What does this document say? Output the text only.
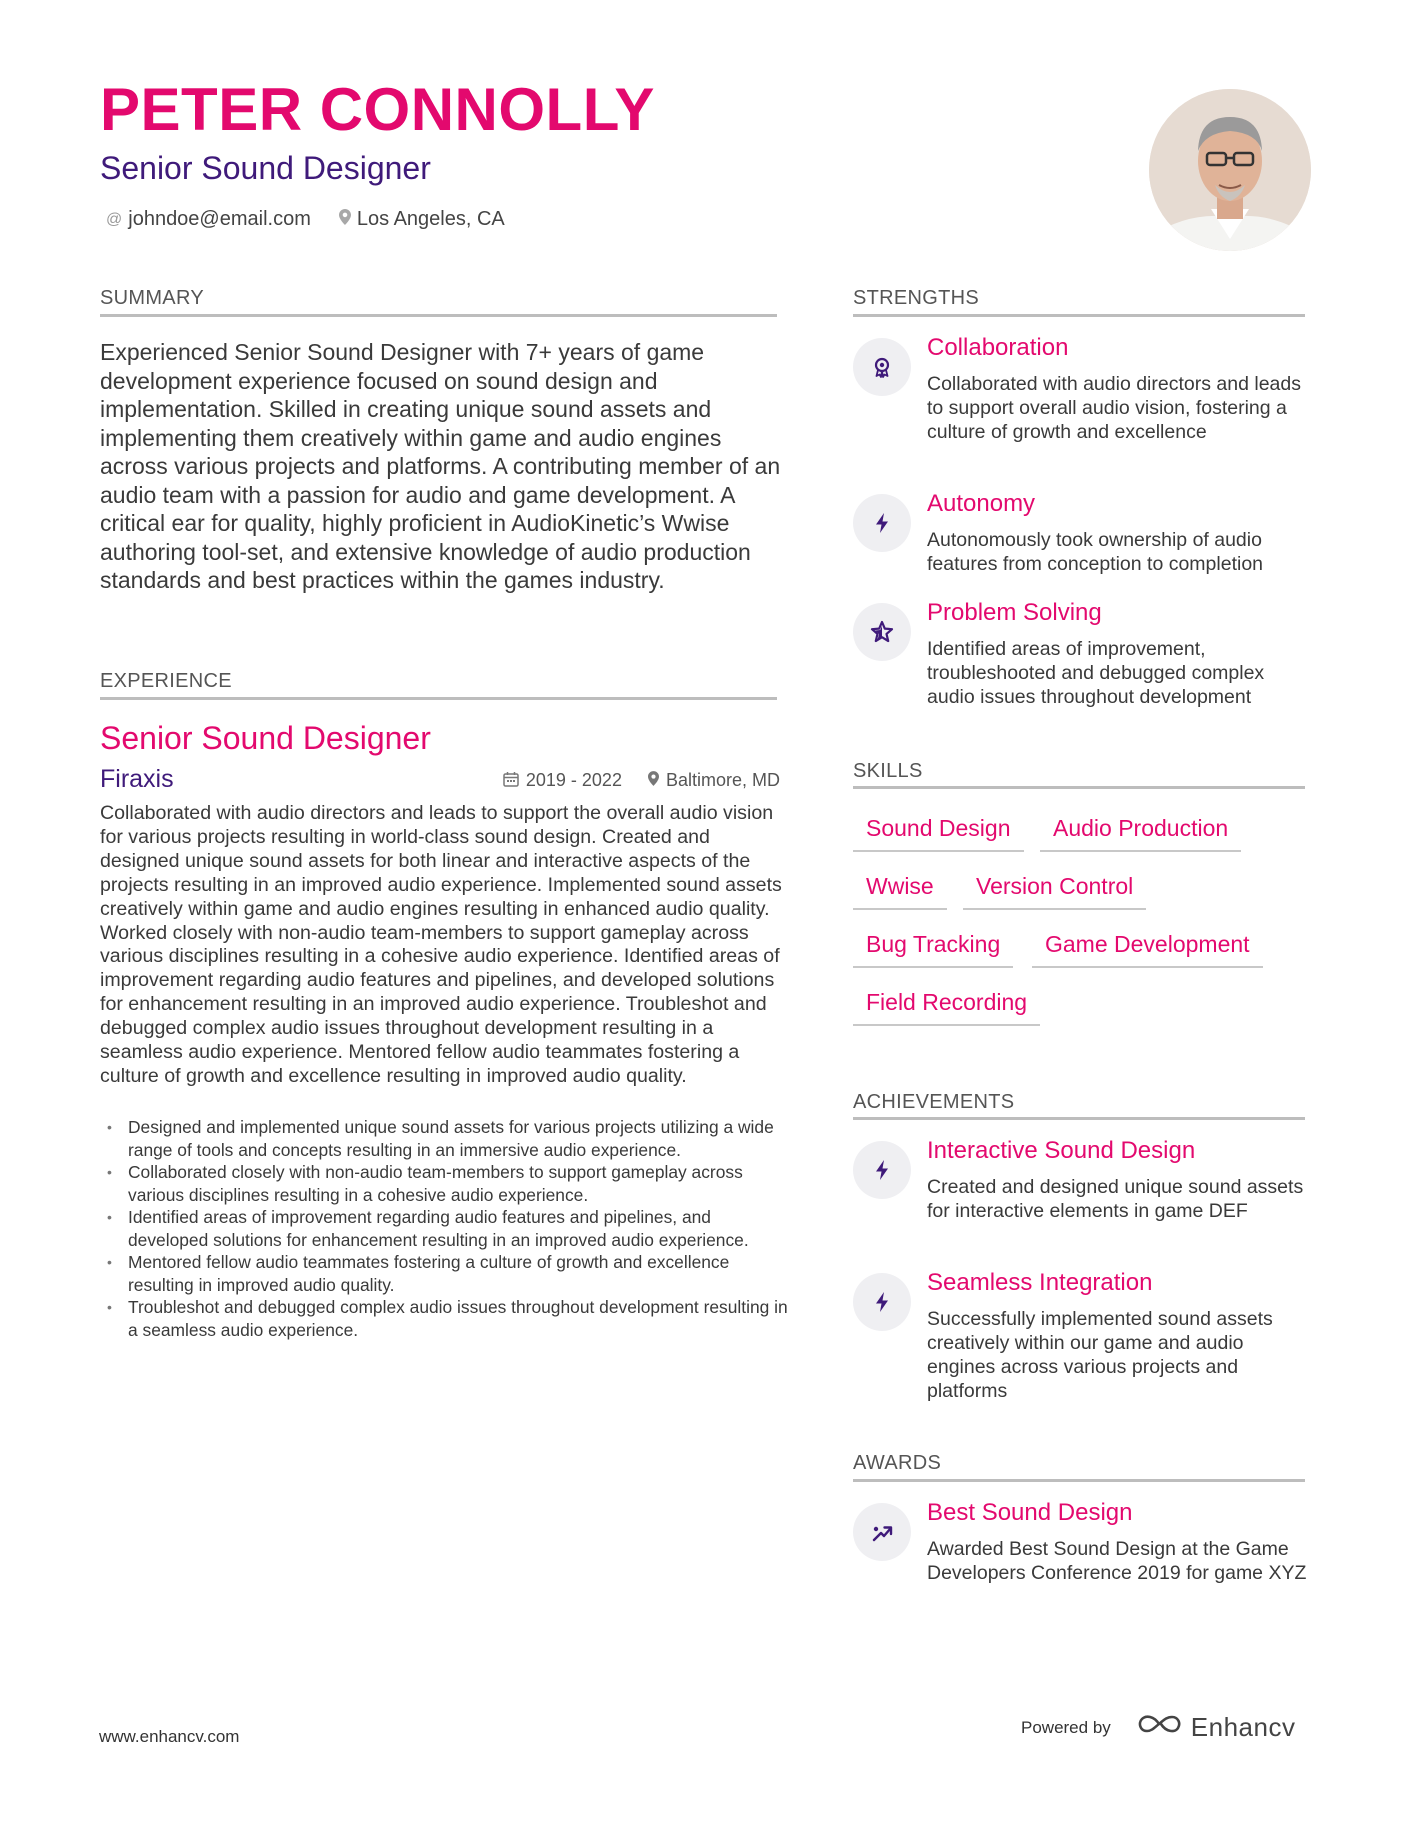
PETER CONNOLLY
Senior Sound Designer
@ johndoe@email.com Los Angeles, CA
SUMMARY
Experienced Senior Sound Designer with 7+ years of game development experience focused on sound design and implementation. Skilled in creating unique sound assets and implementing them creatively within game and audio engines across various projects and platforms. A contributing member of an audio team with a passion for audio and game development. A critical ear for quality, highly proficient in AudioKinetic’s Wwise authoring tool-set, and extensive knowledge of audio production standards and best practices within the games industry.
EXPERIENCE
Senior Sound Designer
Firaxis	2019 - 2022 Baltimore, MD
Collaborated with audio directors and leads to support the overall audio vision for various projects resulting in world-class sound design. Created and designed unique sound assets for both linear and interactive aspects of the projects resulting in an improved audio experience. Implemented sound assets creatively within game and audio engines resulting in enhanced audio quality. Worked closely with non-audio team-members to support gameplay across various disciplines resulting in a cohesive audio experience. Identified areas of improvement regarding audio features and pipelines, and developed solutions for enhancement resulting in an improved audio experience. Troubleshot and debugged complex audio issues throughout development resulting in a seamless audio experience. Mentored fellow audio teammates fostering a culture of growth and excellence resulting in improved audio quality.
• Designed and implemented unique sound assets for various projects utilizing a wide range of tools and concepts resulting in an immersive audio experience.
• Collaborated closely with non-audio team-members to support gameplay across various disciplines resulting in a cohesive audio experience.
• Identified areas of improvement regarding audio features and pipelines, and developed solutions for enhancement resulting in an improved audio experience.
• Mentored fellow audio teammates fostering a culture of growth and excellence resulting in improved audio quality.
• Troubleshot and debugged complex audio issues throughout development resulting in a seamless audio experience.
STRENGTHS
Collaboration
Collaborated with audio directors and leads to support overall audio vision, fostering a culture of growth and excellence
Autonomy
Autonomously took ownership of audio features from conception to completion
Problem Solving
Identified areas of improvement, troubleshooted and debugged complex audio issues throughout development
SKILLS
Sound Design	Audio Production
Wwise	Version Control
Bug Tracking	Game Development
Field Recording
ACHIEVEMENTS
Interactive Sound Design
Created and designed unique sound assets for interactive elements in game DEF
Seamless Integration
Successfully implemented sound assets creatively within our game and audio engines across various projects and platforms
AWARDS
Best Sound Design
Awarded Best Sound Design at the Game Developers Conference 2019 for game XYZ
www.enhancv.com	Powered by	Enhancv
